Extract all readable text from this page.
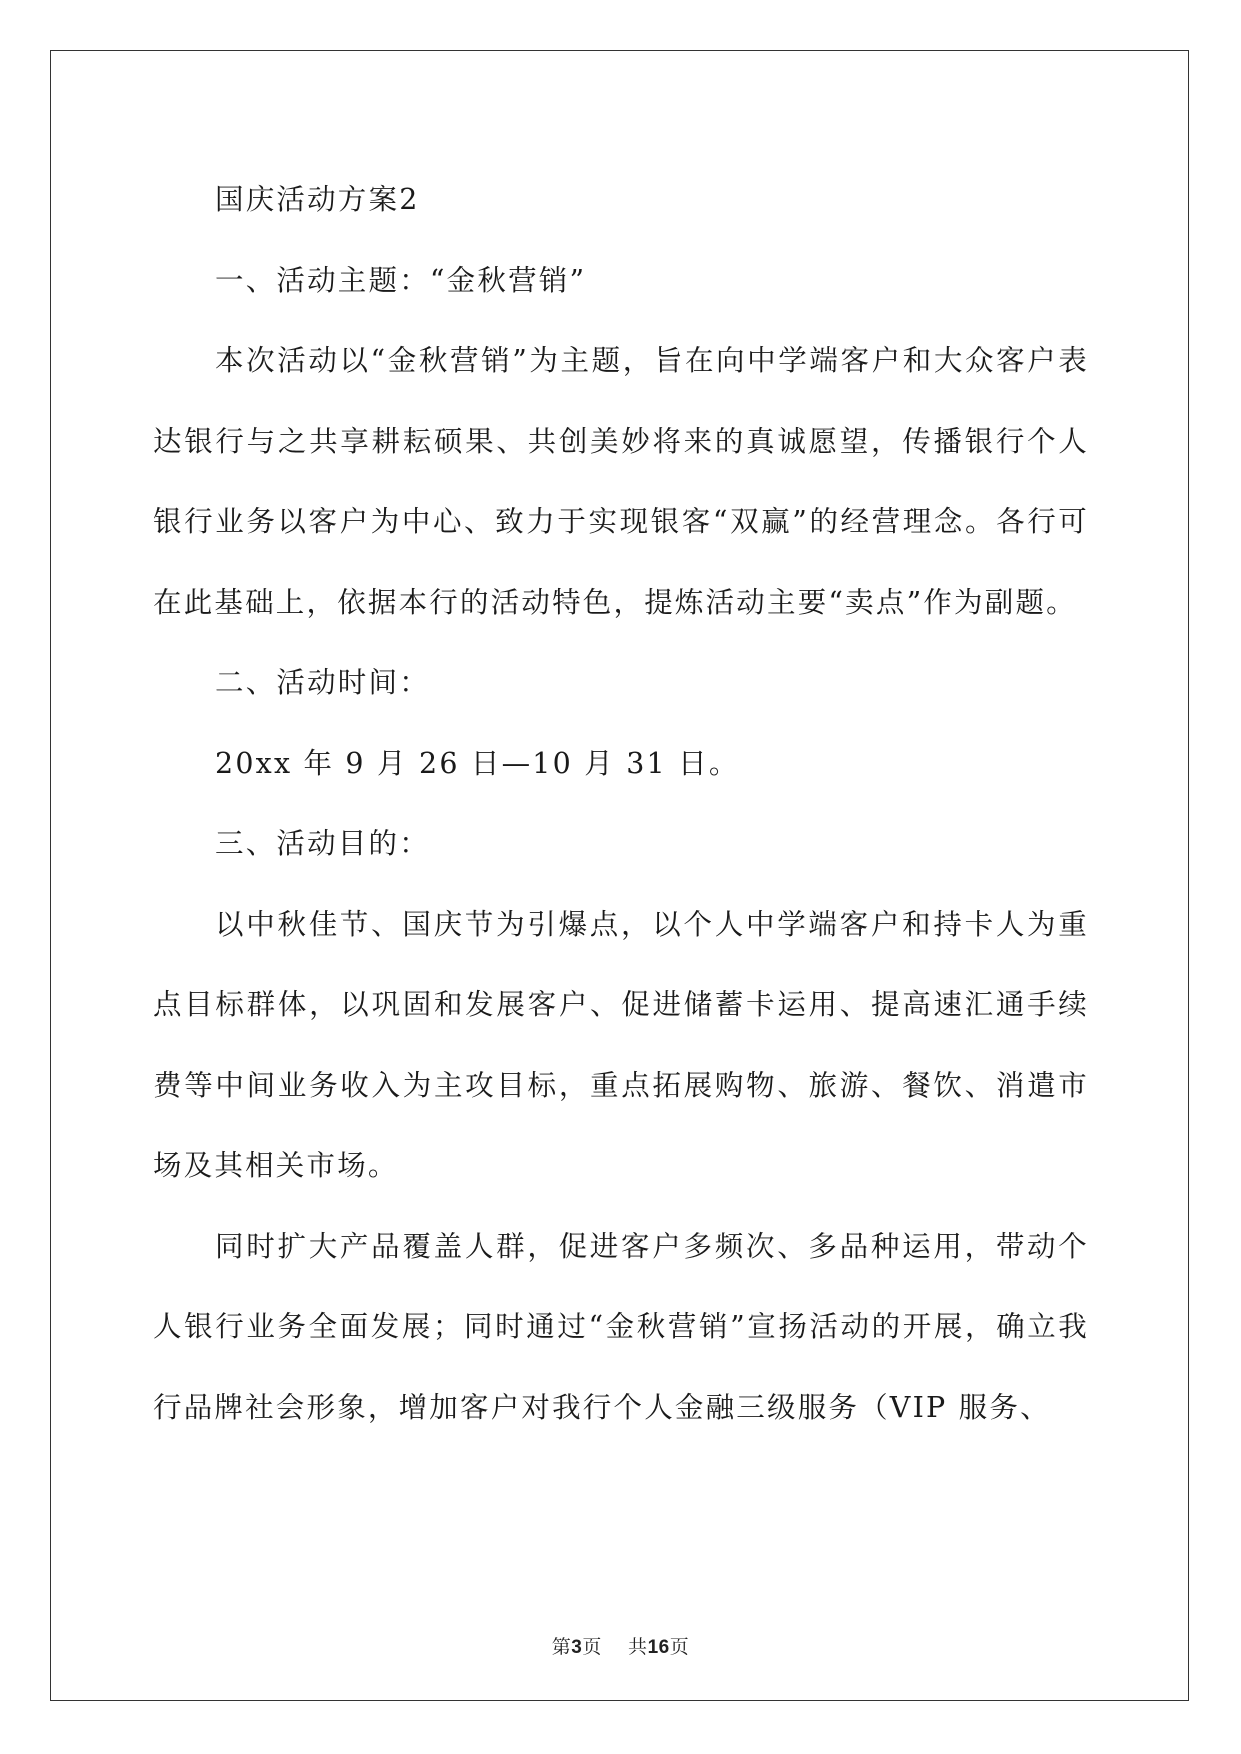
国庆活动方案2

一、活动主题：“金秋营销”

本次活动以“金秋营销”为主题，旨在向中学端客户和大众客户表达银行与之共享耕耘硕果、共创美妙将来的真诚愿望，传播银行个人银行业务以客户为中心、致力于实现银客“双赢”的经营理念。各行可在此基础上，依据本行的活动特色，提炼活动主要“卖点”作为副题。

二、活动时间：

20xx 年 9 月 26 日—10 月 31 日。

三、活动目的：

以中秋佳节、国庆节为引爆点，以个人中学端客户和持卡人为重点目标群体，以巩固和发展客户、促进储蓄卡运用、提高速汇通手续费等中间业务收入为主攻目标，重点拓展购物、旅游、餐饮、消遣市场及其相关市场。

同时扩大产品覆盖人群，促进客户多频次、多品种运用，带动个人银行业务全面发展；同时通过“金秋营销”宣扬活动的开展，确立我行品牌社会形象，增加客户对我行个人金融三级服务（VIP 服务、

第3页 共16页
